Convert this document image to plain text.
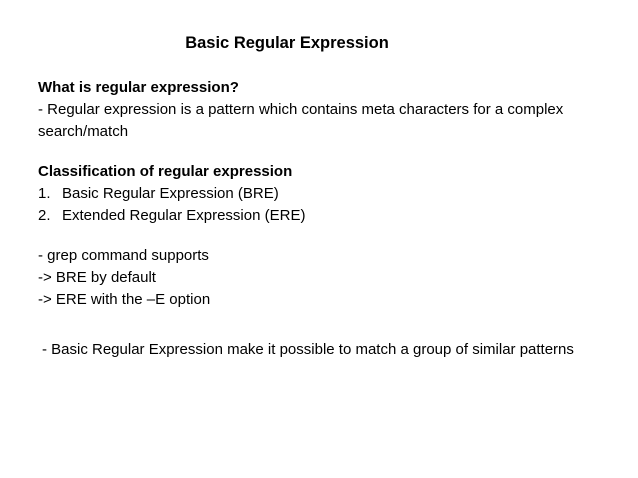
Basic Regular Expression
What is regular expression?
- Regular expression is a pattern which contains meta characters for a complex search/match
Classification of regular expression
1. Basic Regular Expression (BRE)
2. Extended Regular Expression (ERE)
- grep command supports
-> BRE by default
-> ERE with the –E option
- Basic Regular Expression make it possible to match a group of similar patterns
